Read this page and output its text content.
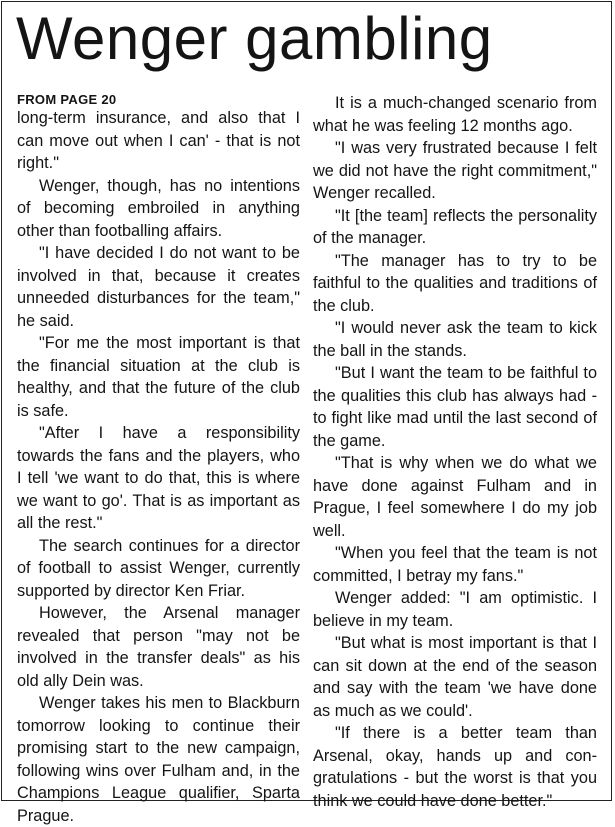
Wenger gambling
FROM PAGE 20

long-term insurance, and also that I can move out when I can' - that is not right."

Wenger, though, has no intentions of becoming embroiled in anything other than footballing affairs.

"I have decided I do not want to be involved in that, because it creates unneeded disturbances for the team," he said.

"For me the most important is that the financial situation at the club is healthy, and that the future of the club is safe.

"After I have a responsibility towards the fans and the players, who I tell 'we want to do that, this is where we want to go'. That is as important as all the rest."

The search continues for a director of football to assist Wenger, currently supported by director Ken Friar.

However, the Arsenal manager revealed that person "may not be involved in the transfer deals" as his old ally Dein was.

Wenger takes his men to Blackburn tomorrow looking to continue their promising start to the new campaign, following wins over Fulham and, in the Champions League qualifier, Sparta Prague.

It is a much-changed scenario from what he was feeling 12 months ago.

"I was very frustrated because I felt we did not have the right commitment," Wenger recalled.

"It [the team] reflects the personality of the manager.

"The manager has to try to be faithful to the qualities and traditions of the club.

"I would never ask the team to kick the ball in the stands.

"But I want the team to be faithful to the qualities this club has always had - to fight like mad until the last second of the game.

"That is why when we do what we have done against Fulham and in Prague, I feel somewhere I do my job well.

"When you feel that the team is not committed, I betray my fans."

Wenger added: "I am optimistic. I believe in my team.

"But what is most important is that I can sit down at the end of the season and say with the team 'we have done as much as we could'.

"If there is a better team than Arsenal, okay, hands up and congratulations - but the worst is that you think we could have done better."
